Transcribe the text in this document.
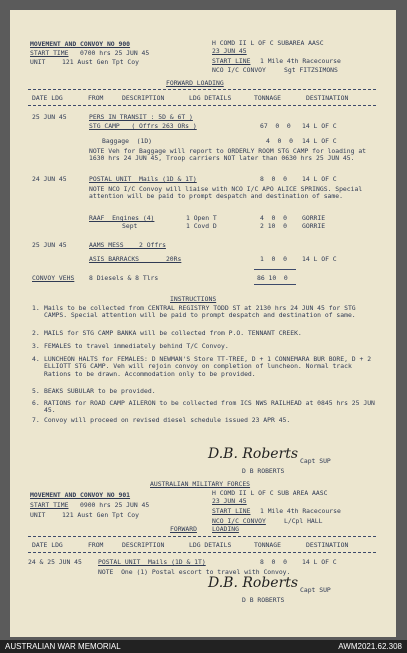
MOVEMENT AND CONVOY NO 900
START TIME 0700 hrs 25 JUN 45
UNIT	121 Aust Gen Tpt Coy
H COMD II L OF C SUBAREA AASC
23 JUN 45
START LINE 1 Mile 4th Racecourse
NCO I/C CONVOY	Sgt FITZSIMONS
FORWARD LOADING
DATE LDG	FROM	DESCRIPTION	LDG DETAILS	TONNAGE	DESTINATION
25 JUN 45	PERS IN TRANSIT : 5D & 6T )
STG CAMP   ( Offrs 263 ORs )	67  0  0 14 L OF C
Baggage  (1D)	4  0  0 14 L OF C
NOTE Veh for Baggage will report to ORDERLY ROOM STG CAMP for loading at 1630 hrs 24 JUN 45, Troop carriers NOT later than 0630 hrs 25 JUN 45.
24 JUN 45	POSTAL UNIT  Mails (1D & 1T)	8  0  0 14 L OF C
NOTE NCO I/C Convoy will liaise with NCO I/C APO ALICE SPRINGS. Special attention will be paid to prompt despatch and destination of same.
RAAF  Engines (4)	1 Open T	4  0  0 GORRIE
Sept	1 Covd D	2 10  0 GORRIE
25 JUN 45	AAMS MESS    2 Offrs
ASIS BARRACKS       20Rs	1  0  0 14 L OF C
CONVOY VEHS 8 Diesels & 8 Tlrs	86 10  0
INSTRUCTIONS
1. Mails to be collected from CENTRAL REGISTRY TODD ST at 2130 hrs 24 JUN 45 for STG CAMPS. Special attention will be paid to prompt despatch and destination of same.
2. MAILS for STG CAMP BANKA will be collected from P.O. TENNANT CREEK.
3. FEMALES to travel immediately behind T/C Convoy.
4. LUNCHEON HALTS for FEMALES: D NEWMAN'S Store TT-TREE, D + 1 CONNEMARA BUR BORE, D + 2 ELLIOTT STG CAMP. Veh will rejoin convoy on completion of luncheon. Normal track Rations to be drawn. Accommodation only to be provided.
5. BEAKS SUBULAR to be provided.
6. RATIONS for ROAD CAMP AILERON to be collected from ICS NWS RAILHEAD at 0845 hrs 25 JUN 45.
7. Convoy will proceed on revised diesel schedule issued 23 APR 45.
D.B. Roberts Capt SUP
D B ROBERTS
AUSTRALIAN MILITARY FORCES
MOVEMENT AND CONVOY NO 901
START TIME 0900 hrs 25 JUN 45
UNIT	121 Aust Gen Tpt Coy
H COMD II L OF C SUB AREA AASC
23 JUN 45
START LINE 1 Mile 4th Racecourse
NCO I/C CONVOY	L/Cpl HALL
FORWARD LOADING
DATE LDG	FROM	DESCRIPTION	LDG DETAILS	TONNAGE	DESTINATION
24 & 25 JUN 45	POSTAL UNIT  Mails (1D & 1T)	8  0  0 14 L OF C
NOTE  One (1) Postal escort to travel with Convoy.
D.B. Roberts Capt SUP
D B ROBERTS
AUSTRALIAN WAR MEMORIAL	AWM2021.62.308
